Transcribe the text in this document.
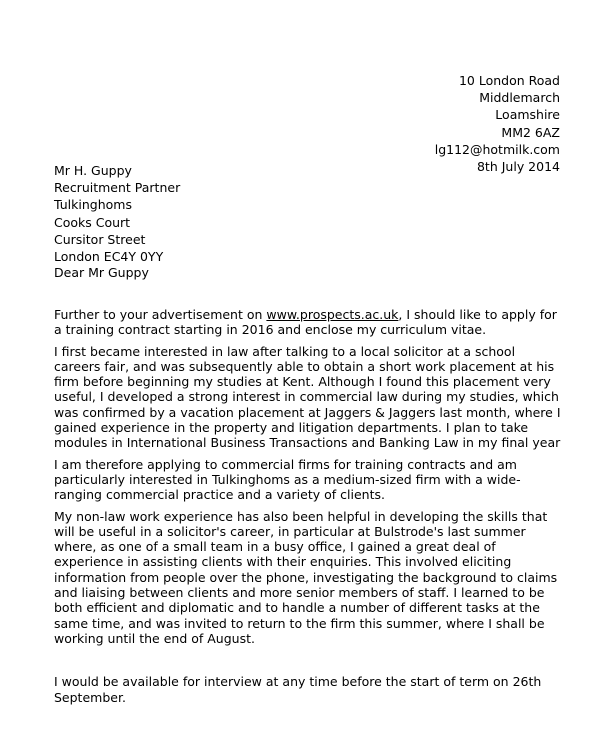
10 London Road
Middlemarch
Loamshire
MM2 6AZ
lg112@hotmilk.com
8th July 2014
Mr H. Guppy
Recruitment Partner
Tulkinghoms
Cooks Court
Cursitor Street
London EC4Y 0YY
Dear Mr Guppy

Further to your advertisement on www.prospects.ac.uk, I should like to apply for a training contract starting in 2016 and enclose my curriculum vitae.

I first became interested in law after talking to a local solicitor at a school careers fair, and was subsequently able to obtain a short work placement at his firm before beginning my studies at Kent. Although I found this placement very useful, I developed a strong interest in commercial law during my studies, which was confirmed by a vacation placement at Jaggers & Jaggers last month, where I gained experience in the property and litigation departments. I plan to take modules in International Business Transactions and Banking Law in my final year

I am therefore applying to commercial firms for training contracts and am particularly interested in Tulkinghoms as a medium-sized firm with a wide-ranging commercial practice and a variety of clients.

My non-law work experience has also been helpful in developing the skills that will be useful in a solicitor's career, in particular at Bulstrode's last summer where, as one of a small team in a busy office, I gained a great deal of experience in assisting clients with their enquiries. This involved eliciting information from people over the phone, investigating the background to claims and liaising between clients and more senior members of staff. I learned to be both efficient and diplomatic and to handle a number of different tasks at the same time, and was invited to return to the firm this summer, where I shall be working until the end of August.

I would be available for interview at any time before the start of term on 26th September.
